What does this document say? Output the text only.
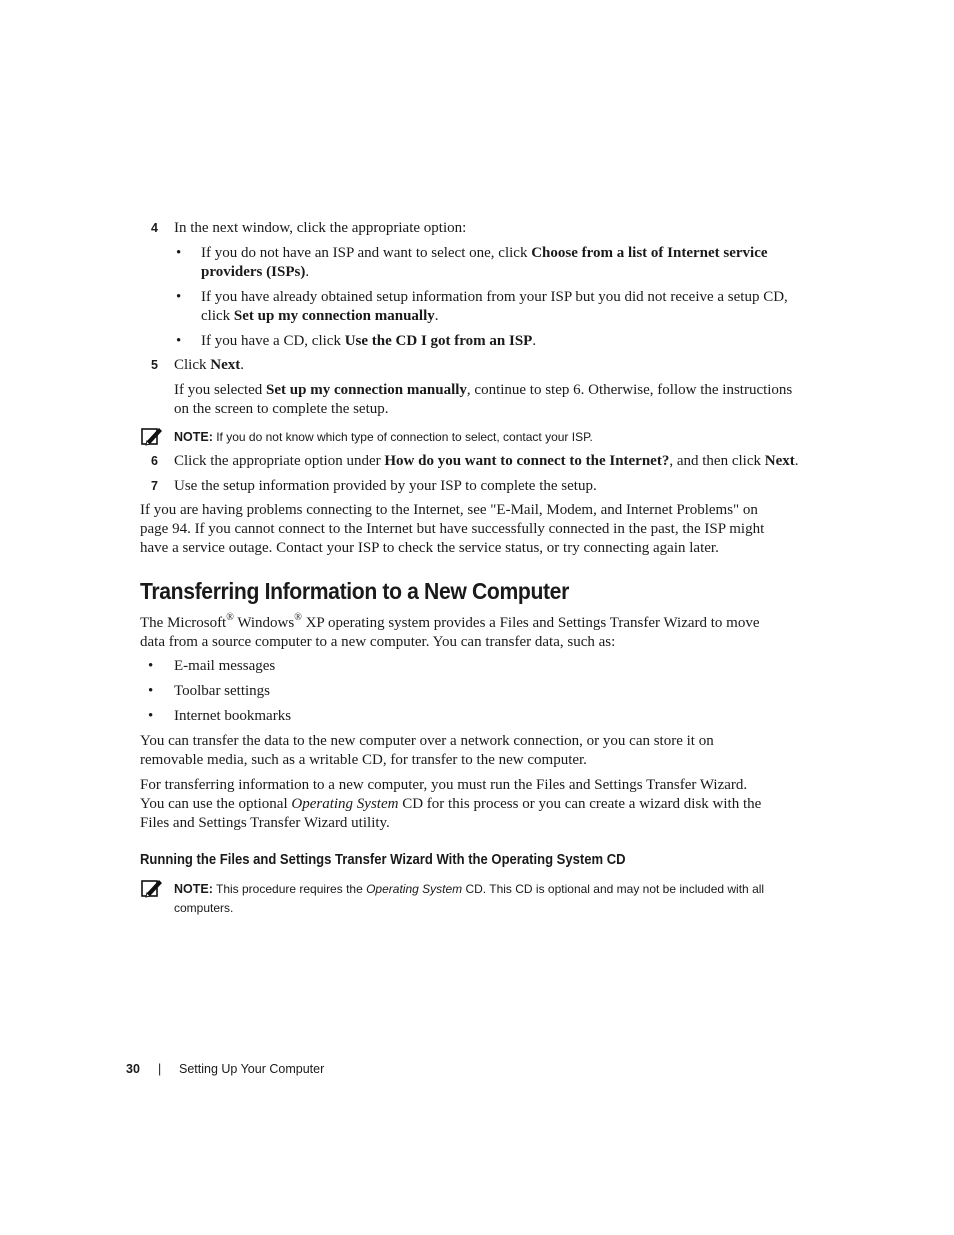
4 In the next window, click the appropriate option:
• If you do not have an ISP and want to select one, click Choose from a list of Internet service
providers (ISPs).
• If you have already obtained setup information from your ISP but you did not receive a setup CD,
click Set up my connection manually.
• If you have a CD, click Use the CD I got from an ISP.
5 Click Next.
If you selected Set up my connection manually, continue to step 6. Otherwise, follow the instructions
on the screen to complete the setup.
NOTE: If you do not know which type of connection to select, contact your ISP.
6 Click the appropriate option under How do you want to connect to the Internet?, and then click Next.
7 Use the setup information provided by your ISP to complete the setup.
If you are having problems connecting to the Internet, see "E-Mail, Modem, and Internet Problems" on
page 94. If you cannot connect to the Internet but have successfully connected in the past, the ISP might
have a service outage. Contact your ISP to check the service status, or try connecting again later.
Transferring Information to a New Computer
The Microsoft® Windows® XP operating system provides a Files and Settings Transfer Wizard to move
data from a source computer to a new computer. You can transfer data, such as:
• E-mail messages
• Toolbar settings
• Internet bookmarks
You can transfer the data to the new computer over a network connection, or you can store it on
removable media, such as a writable CD, for transfer to the new computer.
For transferring information to a new computer, you must run the Files and Settings Transfer Wizard.
You can use the optional Operating System CD for this process or you can create a wizard disk with the
Files and Settings Transfer Wizard utility.
Running the Files and Settings Transfer Wizard With the Operating System CD
NOTE: This procedure requires the Operating System CD. This CD is optional and may not be included with all
computers.
30 | Setting Up Your Computer
